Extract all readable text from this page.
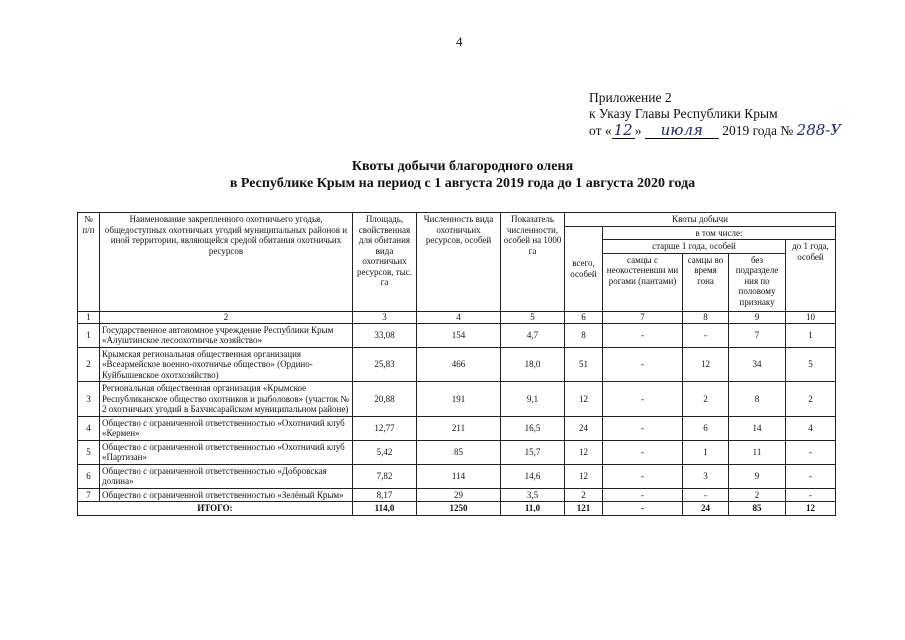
4
Приложение 2
к Указу Главы Республики Крым
от « 12 » июля 2019 года № 288-У
Квоты добычи благородного оленя
в Республике Крым на период с 1 августа 2019 года до 1 августа 2020 года
№ п/п	Наименование закрепленного охотничьего угодья, общедоступных охотничьих угодий муниципальных районов и иной территории, являющейся средой обитания охотничьих ресурсов	Площадь, свойственная для обитания вида охотничьих ресурсов, тыс. га	Численность вида охотничьих ресурсов, особей	Показатель численности, особей на 1000 га	Квоты добычи				
					всего, особей	в том числе:			
						старше 1 года, особей			до 1 года, особей
						самцы с неокостеневши ми рогами (пантами)	самцы во время гона	без подразделе ния по половому признаку	
1	2	3	4	5	6	7	8	9	10
1	Государственное автономное учреждение Республики Крым «Алуштинское лесоохотничье хозяйство»	33,08	154	4,7	8	-	-	7	1
2	Крымская региональная общественная организация «Всеармейское военно-охотничье общество» (Ордино-Куйбышевское охотхозяйство)	25,83	466	18,0	51	-	12	34	5
3	Региональная общественная организация «Крымское Республиканское общество охотников и рыболовов» (участок № 2 охотничьих угодий в Бахчисарайском муниципальном районе)	20,88	191	9,1	12	-	2	8	2
4	Общество с ограниченной ответственностью «Охотничий клуб «Кермен»	12,77	211	16,5	24	-	6	14	4
5	Общество с ограниченной ответственностью «Охотничий клуб «Партизан»	5,42	85	15,7	12	-	1	11	-
6	Общество с ограниченной ответственностью «Добровская долина»	7,82	114	14,6	12	-	3	9	-
7	Общество с ограниченной ответственностью «Зелёный Крым»	8,17	29	3,5	2	-	-	2	-
ИТОГО:		114,0	1250	11,0	121	-	24	85	12
